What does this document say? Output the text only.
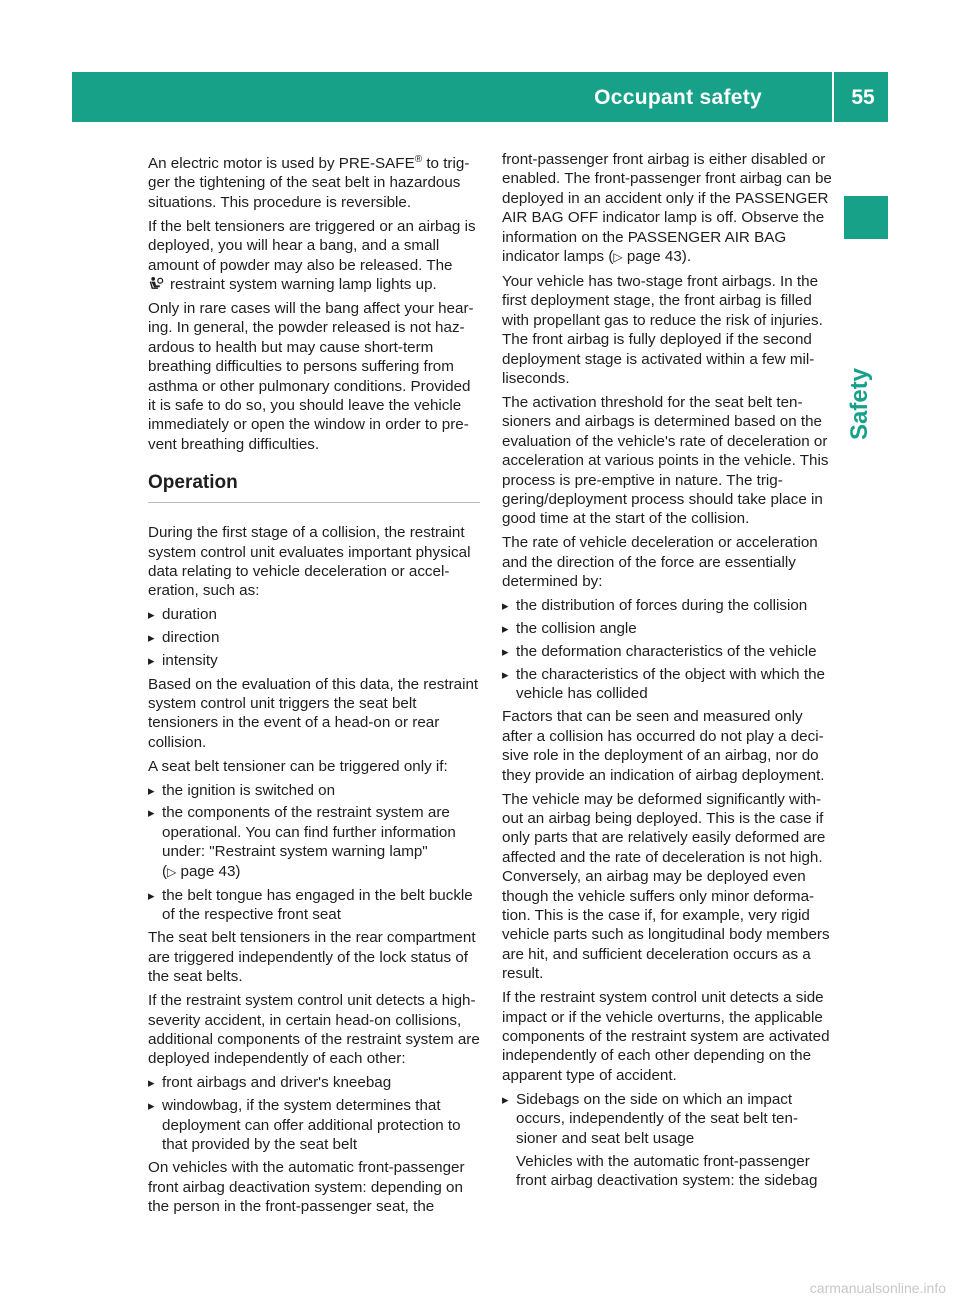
Occupant safety	55
Safety

An electric motor is used by PRE-SAFE® to trigger the tightening of the seat belt in hazardous situations. This procedure is reversible.

If the belt tensioners are triggered or an airbag is deployed, you will hear a bang, and a small amount of powder may also be released. The
restraint system warning lamp lights up.

Only in rare cases will the bang affect your hearing. In general, the powder released is not hazardous to health but may cause short-term breathing difficulties to persons suffering from asthma or other pulmonary conditions. Provided it is safe to do so, you should leave the vehicle immediately or open the window in order to prevent breathing difficulties.

Operation

During the first stage of a collision, the restraint system control unit evaluates important physical data relating to vehicle deceleration or acceleration, such as:

▸ duration
▸ direction
▸ intensity

Based on the evaluation of this data, the restraint system control unit triggers the seat belt tensioners in the event of a head-on or rear collision.

A seat belt tensioner can be triggered only if:

▸ the ignition is switched on
▸ the components of the restraint system are operational. You can find further information under: "Restraint system warning lamp"
(▷ page 43)
▸ the belt tongue has engaged in the belt buckle of the respective front seat

The seat belt tensioners in the rear compartment are triggered independently of the lock status of the seat belts.

If the restraint system control unit detects a high-severity accident, in certain head-on collisions, additional components of the restraint system are deployed independently of each other:

▸ front airbags and driver's kneebag
▸ windowbag, if the system determines that deployment can offer additional protection to that provided by the seat belt

On vehicles with the automatic front-passenger front airbag deactivation system: depending on the person in the front-passenger seat, the

front-passenger front airbag is either disabled or enabled. The front-passenger front airbag can be deployed in an accident only if the PASSENGER AIR BAG OFF indicator lamp is off. Observe the information on the PASSENGER AIR BAG indicator lamps (▷ page 43).

Your vehicle has two-stage front airbags. In the first deployment stage, the front airbag is filled with propellant gas to reduce the risk of injuries. The front airbag is fully deployed if the second deployment stage is activated within a few milliseconds.

The activation threshold for the seat belt tensioners and airbags is determined based on the evaluation of the vehicle's rate of deceleration or acceleration at various points in the vehicle. This process is pre-emptive in nature. The triggering/deployment process should take place in good time at the start of the collision.

The rate of vehicle deceleration or acceleration and the direction of the force are essentially determined by:

▸ the distribution of forces during the collision
▸ the collision angle
▸ the deformation characteristics of the vehicle
▸ the characteristics of the object with which the vehicle has collided

Factors that can be seen and measured only after a collision has occurred do not play a decisive role in the deployment of an airbag, nor do they provide an indication of airbag deployment.

The vehicle may be deformed significantly without an airbag being deployed. This is the case if only parts that are relatively easily deformed are affected and the rate of deceleration is not high. Conversely, an airbag may be deployed even though the vehicle suffers only minor deformation. This is the case if, for example, very rigid vehicle parts such as longitudinal body members are hit, and sufficient deceleration occurs as a result.

If the restraint system control unit detects a side impact or if the vehicle overturns, the applicable components of the restraint system are activated independently of each other depending on the apparent type of accident.

▸ Sidebags on the side on which an impact occurs, independently of the seat belt tensioner and seat belt usage
Vehicles with the automatic front-passenger front airbag deactivation system: the sidebag
carmanualsonline.info
